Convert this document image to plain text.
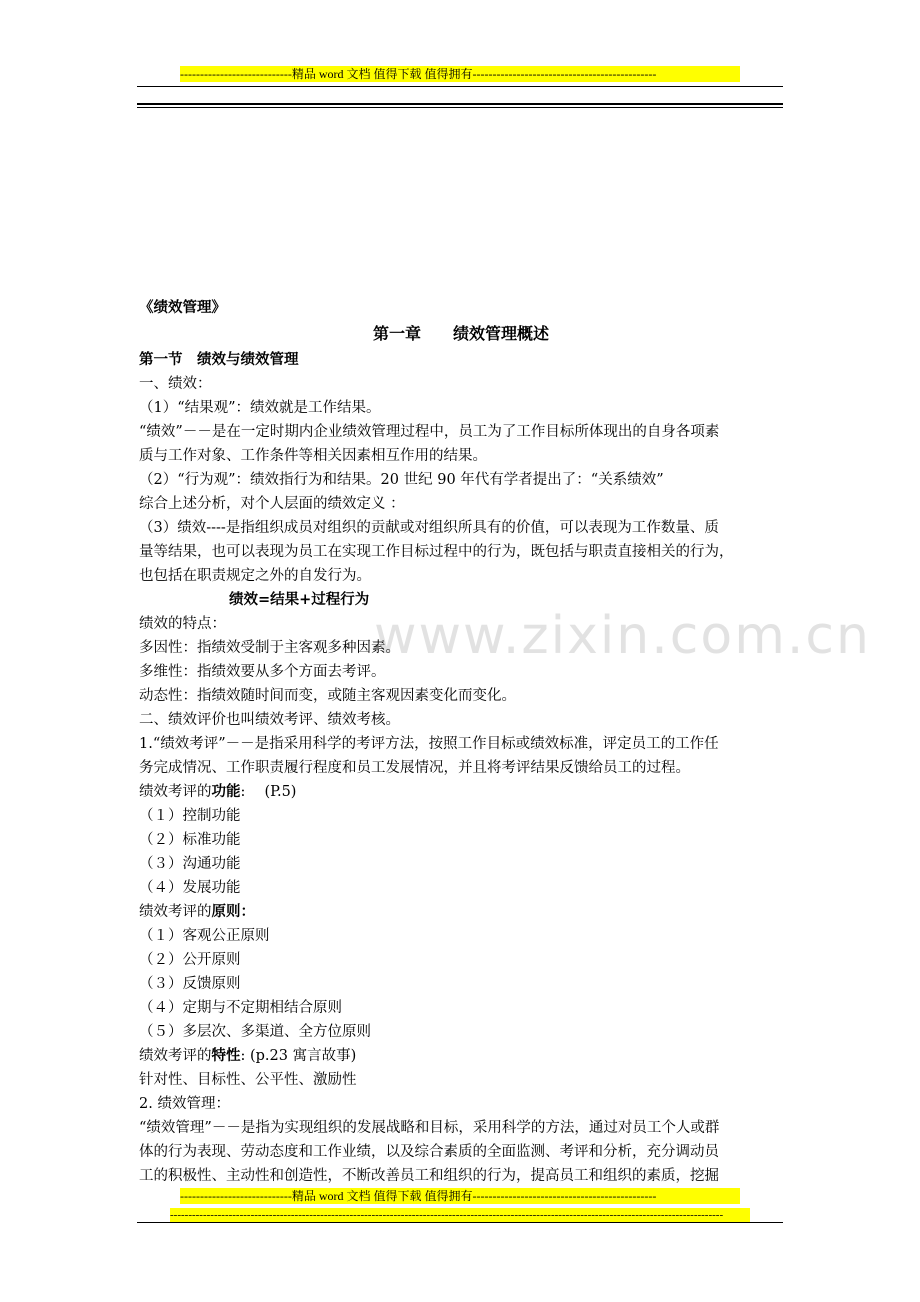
----------------------------精品 word 文档 值得下载 值得拥有----------------------------------------------
www.zixin.com.cn
《绩效管理》
第一章　　绩效管理概述
第一节　绩效与绩效管理
一、绩效：
（1）“结果观”：绩效就是工作结果。
“绩效”－－是在一定时期内企业绩效管理过程中，员工为了工作目标所体现出的自身各项素
质与工作对象、工作条件等相关因素相互作用的结果。
（2）“行为观”：绩效指行为和结果。20 世纪 90 年代有学者提出了：“关系绩效”
综合上述分析，对个人层面的绩效定义 ：
（3）绩效----是指组织成员对组织的贡献或对组织所具有的价值，可以表现为工作数量、质
量等结果，也可以表现为员工在实现工作目标过程中的行为，既包括与职责直接相关的行为，
也包括在职责规定之外的自发行为。
绩效=结果+过程行为
绩效的特点：
多因性：指绩效受制于主客观多种因素。
多维性：指绩效要从多个方面去考评。
动态性：指绩效随时间而变，或随主客观因素变化而变化。
二、绩效评价也叫绩效考评、绩效考核。
1.“绩效考评”－－是指采用科学的考评方法，按照工作目标或绩效标准，评定员工的工作任
务完成情况、工作职责履行程度和员工发展情况，并且将考评结果反馈给员工的过程。
绩效考评的功能:　 (P.5)
（１）控制功能
（２）标准功能
（３）沟通功能
（４）发展功能
绩效考评的原则：
（１）客观公正原则
（２）公开原则
（３）反馈原则
（４）定期与不定期相结合原则
（５）多层次、多渠道、全方位原则
绩效考评的特性: (p.23 寓言故事)
针对性、目标性、公平性、激励性
2. 绩效管理：
“绩效管理”－－是指为实现组织的发展战略和目标，采用科学的方法，通过对员工个人或群
体的行为表现、劳动态度和工作业绩，以及综合素质的全面监测、考评和分析，充分调动员
工的积极性、主动性和创造性，不断改善员工和组织的行为，提高员工和组织的素质，挖掘
----------------------------精品 word 文档 值得下载 值得拥有----------------------------------------------
-------------------------------------------------------------------------------------------------------------------------------------------------------
